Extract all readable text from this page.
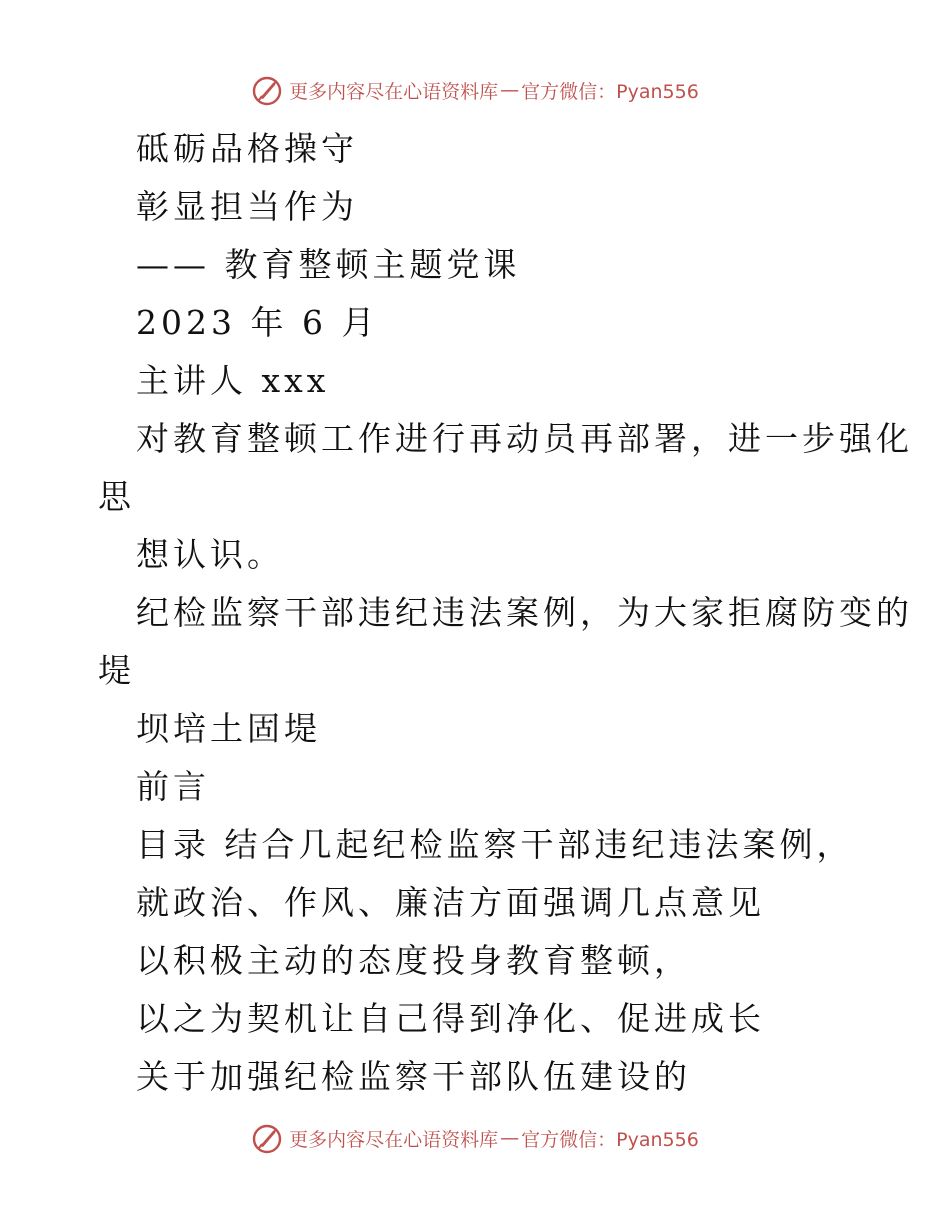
更多内容尽在心语资料库 — 官方微信：Pyan556
砥砺品格操守
彰显担当作为
—— 教育整顿主题党课
2023 年 6 月
主讲人 xxx
对教育整顿工作进行再动员再部署，进一步强化
思
想认识。
纪检监察干部违纪违法案例，为大家拒腐防变的
堤
坝培土固堤
前言
目录 结合几起纪检监察干部违纪违法案例，
就政治、作风、廉洁方面强调几点意见
以积极主动的态度投身教育整顿，
以之为契机让自己得到净化、促进成长
关于加强纪检监察干部队伍建设的
更多内容尽在心语资料库 — 官方微信：Pyan556
